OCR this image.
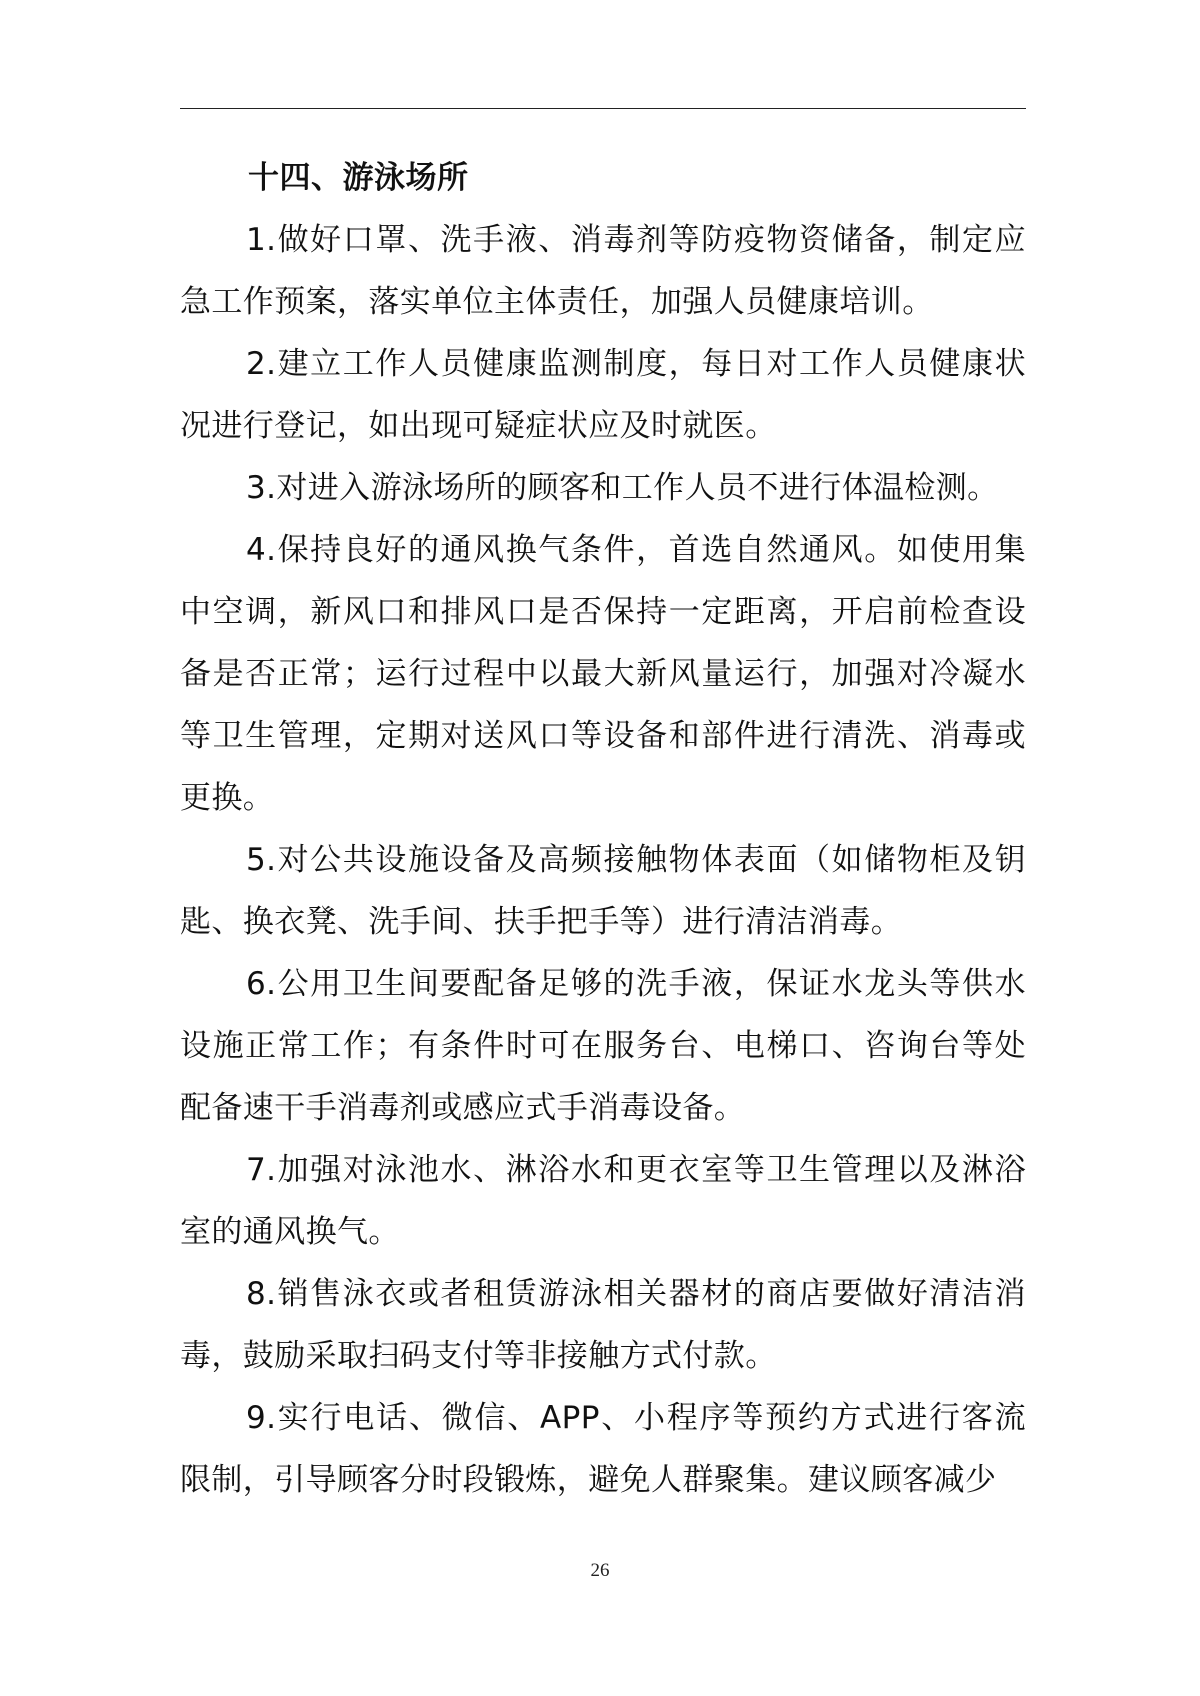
十四、游泳场所

1.做好口罩、洗手液、消毒剂等防疫物资储备，制定应急工作预案，落实单位主体责任，加强人员健康培训。

2.建立工作人员健康监测制度，每日对工作人员健康状况进行登记，如出现可疑症状应及时就医。

3.对进入游泳场所的顾客和工作人员不进行体温检测。

4.保持良好的通风换气条件，首选自然通风。如使用集中空调，新风口和排风口是否保持一定距离，开启前检查设备是否正常；运行过程中以最大新风量运行，加强对冷凝水等卫生管理，定期对送风口等设备和部件进行清洗、消毒或更换。

5.对公共设施设备及高频接触物体表面（如储物柜及钥匙、换衣凳、洗手间、扶手把手等）进行清洁消毒。

6.公用卫生间要配备足够的洗手液，保证水龙头等供水设施正常工作；有条件时可在服务台、电梯口、咨询台等处配备速干手消毒剂或感应式手消毒设备。

7.加强对泳池水、淋浴水和更衣室等卫生管理以及淋浴室的通风换气。

8.销售泳衣或者租赁游泳相关器材的商店要做好清洁消毒，鼓励采取扫码支付等非接触方式付款。

9.实行电话、微信、APP、小程序等预约方式进行客流限制，引导顾客分时段锻炼，避免人群聚集。建议顾客减少

26
